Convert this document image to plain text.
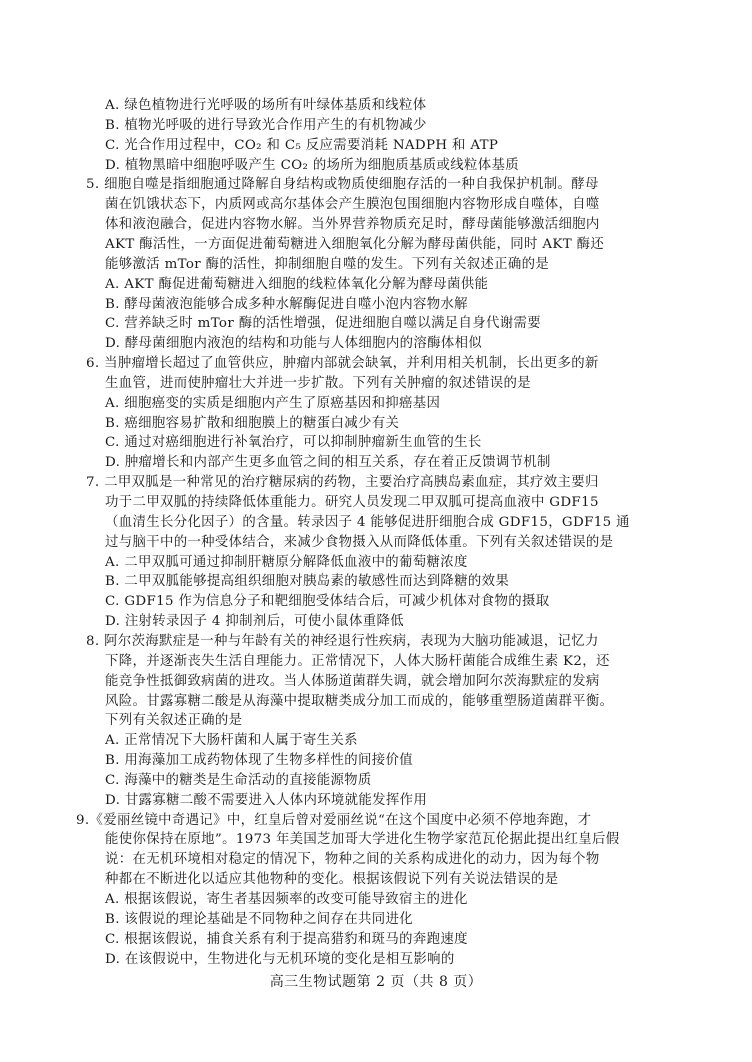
A. 绿色植物进行光呼吸的场所有叶绿体基质和线粒体
B. 植物光呼吸的进行导致光合作用产生的有机物减少
C. 光合作用过程中，CO₂ 和 C₅ 反应需要消耗 NADPH 和 ATP
D. 植物黑暗中细胞呼吸产生 CO₂ 的场所为细胞质基质或线粒体基质
5. 细胞自噬是指细胞通过降解自身结构或物质使细胞存活的一种自我保护机制。酵母
菌在饥饿状态下，内质网或高尔基体会产生膜泡包围细胞内容物形成自噬体，自噬
体和液泡融合，促进内容物水解。当外界营养物质充足时，酵母菌能够激活细胞内
AKT 酶活性，一方面促进葡萄糖进入细胞氧化分解为酵母菌供能，同时 AKT 酶还
能够激活 mTor 酶的活性，抑制细胞自噬的发生。下列有关叙述正确的是
A. AKT 酶促进葡萄糖进入细胞的线粒体氧化分解为酵母菌供能
B. 酵母菌液泡能够合成多种水解酶促进自噬小泡内容物水解
C. 营养缺乏时 mTor 酶的活性增强，促进细胞自噬以满足自身代谢需要
D. 酵母菌细胞内液泡的结构和功能与人体细胞内的溶酶体相似
6. 当肿瘤增长超过了血管供应，肿瘤内部就会缺氧，并利用相关机制，长出更多的新
生血管，进而使肿瘤壮大并进一步扩散。下列有关肿瘤的叙述错误的是
A. 细胞癌变的实质是细胞内产生了原癌基因和抑癌基因
B. 癌细胞容易扩散和细胞膜上的糖蛋白减少有关
C. 通过对癌细胞进行补氧治疗，可以抑制肿瘤新生血管的生长
D. 肿瘤增长和内部产生更多血管之间的相互关系，存在着正反馈调节机制
7. 二甲双胍是一种常见的治疗糖尿病的药物，主要治疗高胰岛素血症，其疗效主要归
功于二甲双胍的持续降低体重能力。研究人员发现二甲双胍可提高血液中 GDF15
（血清生长分化因子）的含量。转录因子 4 能够促进肝细胞合成 GDF15，GDF15 通
过与脑干中的一种受体结合，来减少食物摄入从而降低体重。下列有关叙述错误的是
A. 二甲双胍可通过抑制肝糖原分解降低血液中的葡萄糖浓度
B. 二甲双胍能够提高组织细胞对胰岛素的敏感性而达到降糖的效果
C. GDF15 作为信息分子和靶细胞受体结合后，可减少机体对食物的摄取
D. 注射转录因子 4 抑制剂后，可使小鼠体重降低
8. 阿尔茨海默症是一种与年龄有关的神经退行性疾病，表现为大脑功能减退，记忆力
下降，并逐渐丧失生活自理能力。正常情况下，人体大肠杆菌能合成维生素 K2，还
能竞争性抵御致病菌的进攻。当人体肠道菌群失调，就会增加阿尔茨海默症的发病
风险。甘露寡糖二酸是从海藻中提取糖类成分加工而成的，能够重塑肠道菌群平衡。
下列有关叙述正确的是
A. 正常情况下大肠杆菌和人属于寄生关系
B. 用海藻加工成药物体现了生物多样性的间接价值
C. 海藻中的糖类是生命活动的直接能源物质
D. 甘露寡糖二酸不需要进入人体内环境就能发挥作用
9.《爱丽丝镜中奇遇记》中，红皇后曾对爱丽丝说“在这个国度中必须不停地奔跑，才
能使你保持在原地”。1973 年美国芝加哥大学进化生物学家范瓦伦据此提出红皇后假
说：在无机环境相对稳定的情况下，物种之间的关系构成进化的动力，因为每个物
种都在不断进化以适应其他物种的变化。根据该假说下列有关说法错误的是
A. 根据该假说，寄生者基因频率的改变可能导致宿主的进化
B. 该假说的理论基础是不同物种之间存在共同进化
C. 根据该假说，捕食关系有利于提高猎豹和斑马的奔跑速度
D. 在该假说中，生物进化与无机环境的变化是相互影响的
高三生物试题第 2 页（共 8 页）
